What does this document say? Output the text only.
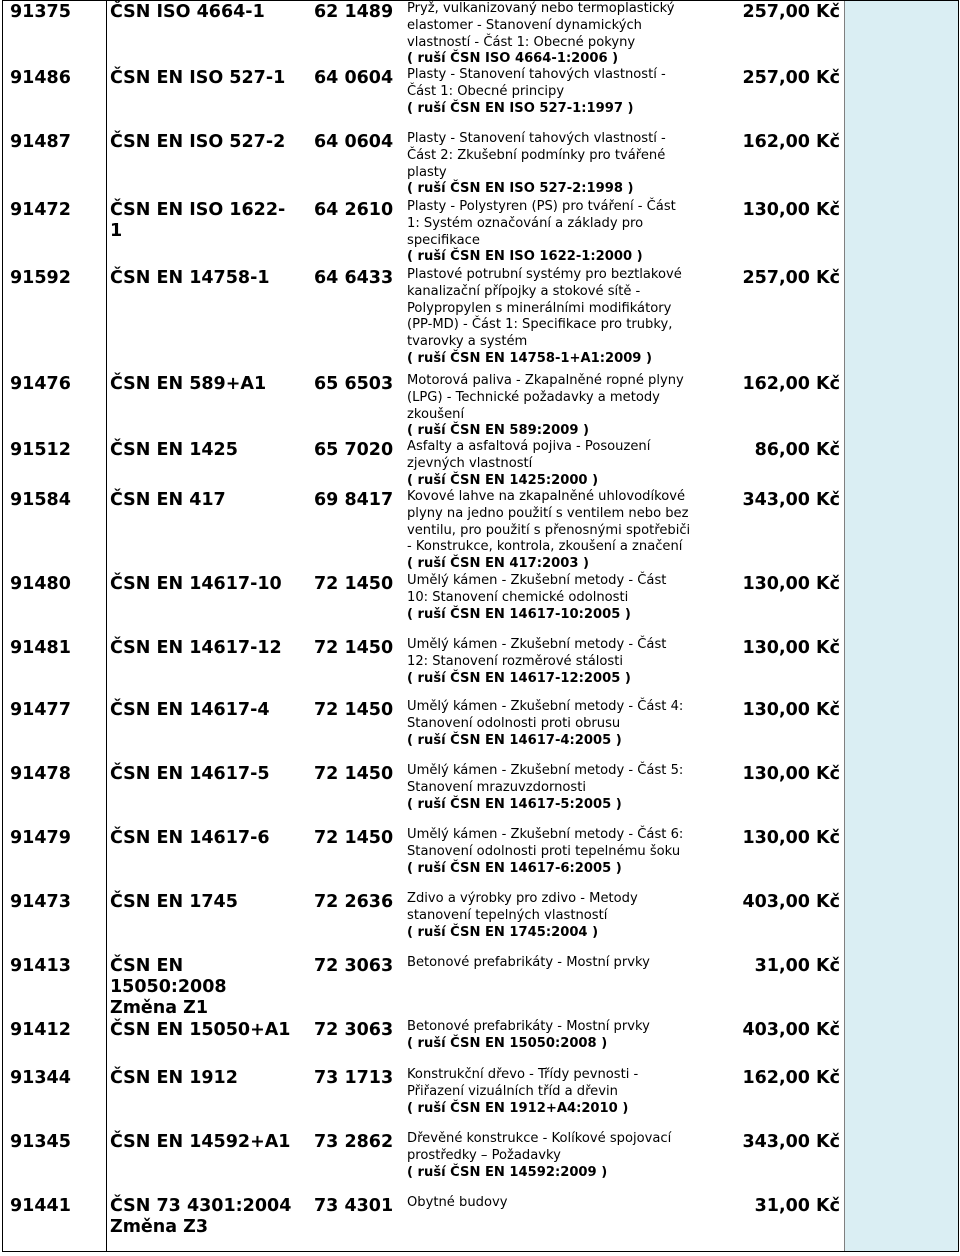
91375	ČSN ISO 4664-1	62 1489	Pryž, vulkanizovaný nebo termoplastický
elastomer - Stanovení dynamických
vlastností - Část 1: Obecné pokyny
( ruší ČSN ISO 4664-1:2006 )
257,00 Kč
91486	ČSN EN ISO 527-1	64 0604	Plasty - Stanovení tahových vlastností -
Část 1: Obecné principy
( ruší ČSN EN ISO 527-1:1997 )
257,00 Kč
91487	ČSN EN ISO 527-2	64 0604	Plasty - Stanovení tahových vlastností -
Část 2: Zkušební podmínky pro tvářené
plasty
( ruší ČSN EN ISO 527-2:1998 )
162,00 Kč
91472	ČSN EN ISO 1622-
1
64 2610	Plasty - Polystyren (PS) pro tváření - Část
1: Systém označování a základy pro
specifikace
( ruší ČSN EN ISO 1622-1:2000 )
130,00 Kč
91592	ČSN EN 14758-1	64 6433	Plastové potrubní systémy pro beztlakové
kanalizační přípojky a stokové sítě -
Polypropylen s minerálními modifikátory
(PP-MD) - Část 1: Specifikace pro trubky,
tvarovky a systém
( ruší ČSN EN 14758-1+A1:2009 )
257,00 Kč
91476	ČSN EN 589+A1	65 6503	Motorová paliva - Zkapalněné ropné plyny
(LPG) - Technické požadavky a metody
zkoušení
( ruší ČSN EN 589:2009 )
162,00 Kč
91512	ČSN EN 1425	65 7020	Asfalty a asfaltová pojiva - Posouzení
zjevných vlastností
( ruší ČSN EN 1425:2000 )
86,00 Kč
91584	ČSN EN 417	69 8417	Kovové lahve na zkapalněné uhlovodíkové
plyny na jedno použití s ventilem nebo bez
ventilu, pro použití s přenosnými spotřebiči
- Konstrukce, kontrola, zkoušení a značení
( ruší ČSN EN 417:2003 )
343,00 Kč
91480	ČSN EN 14617-10	72 1450	Umělý kámen - Zkušební metody - Část
10: Stanovení chemické odolnosti
( ruší ČSN EN 14617-10:2005 )
130,00 Kč
91481	ČSN EN 14617-12	72 1450	Umělý kámen - Zkušební metody - Část
12: Stanovení rozměrové stálosti
( ruší ČSN EN 14617-12:2005 )
130,00 Kč
91477	ČSN EN 14617-4	72 1450	Umělý kámen - Zkušební metody - Část 4:
Stanovení odolnosti proti obrusu
( ruší ČSN EN 14617-4:2005 )
130,00 Kč
91478	ČSN EN 14617-5	72 1450	Umělý kámen - Zkušební metody - Část 5:
Stanovení mrazuvzdornosti
( ruší ČSN EN 14617-5:2005 )
130,00 Kč
91479	ČSN EN 14617-6	72 1450	Umělý kámen - Zkušební metody - Část 6:
Stanovení odolnosti proti tepelnému šoku
( ruší ČSN EN 14617-6:2005 )
130,00 Kč
91473	ČSN EN 1745	72 2636	Zdivo a výrobky pro zdivo - Metody
stanovení tepelných vlastností
( ruší ČSN EN 1745:2004 )
403,00 Kč
91413	ČSN EN
15050:2008
Změna Z1
72 3063	Betonové prefabrikáty - Mostní prvky	31,00 Kč
91412	ČSN EN 15050+A1	72 3063	Betonové prefabrikáty - Mostní prvky
( ruší ČSN EN 15050:2008 )
403,00 Kč
91344	ČSN EN 1912	73 1713	Konstrukční dřevo - Třídy pevnosti -
Přiřazení vizuálních tříd a dřevin
( ruší ČSN EN 1912+A4:2010 )
162,00 Kč
91345	ČSN EN 14592+A1	73 2862	Dřevěné konstrukce - Kolíkové spojovací
prostředky – Požadavky
( ruší ČSN EN 14592:2009 )
343,00 Kč
91441	ČSN 73 4301:2004
Změna Z3
73 4301	Obytné budovy	31,00 Kč
